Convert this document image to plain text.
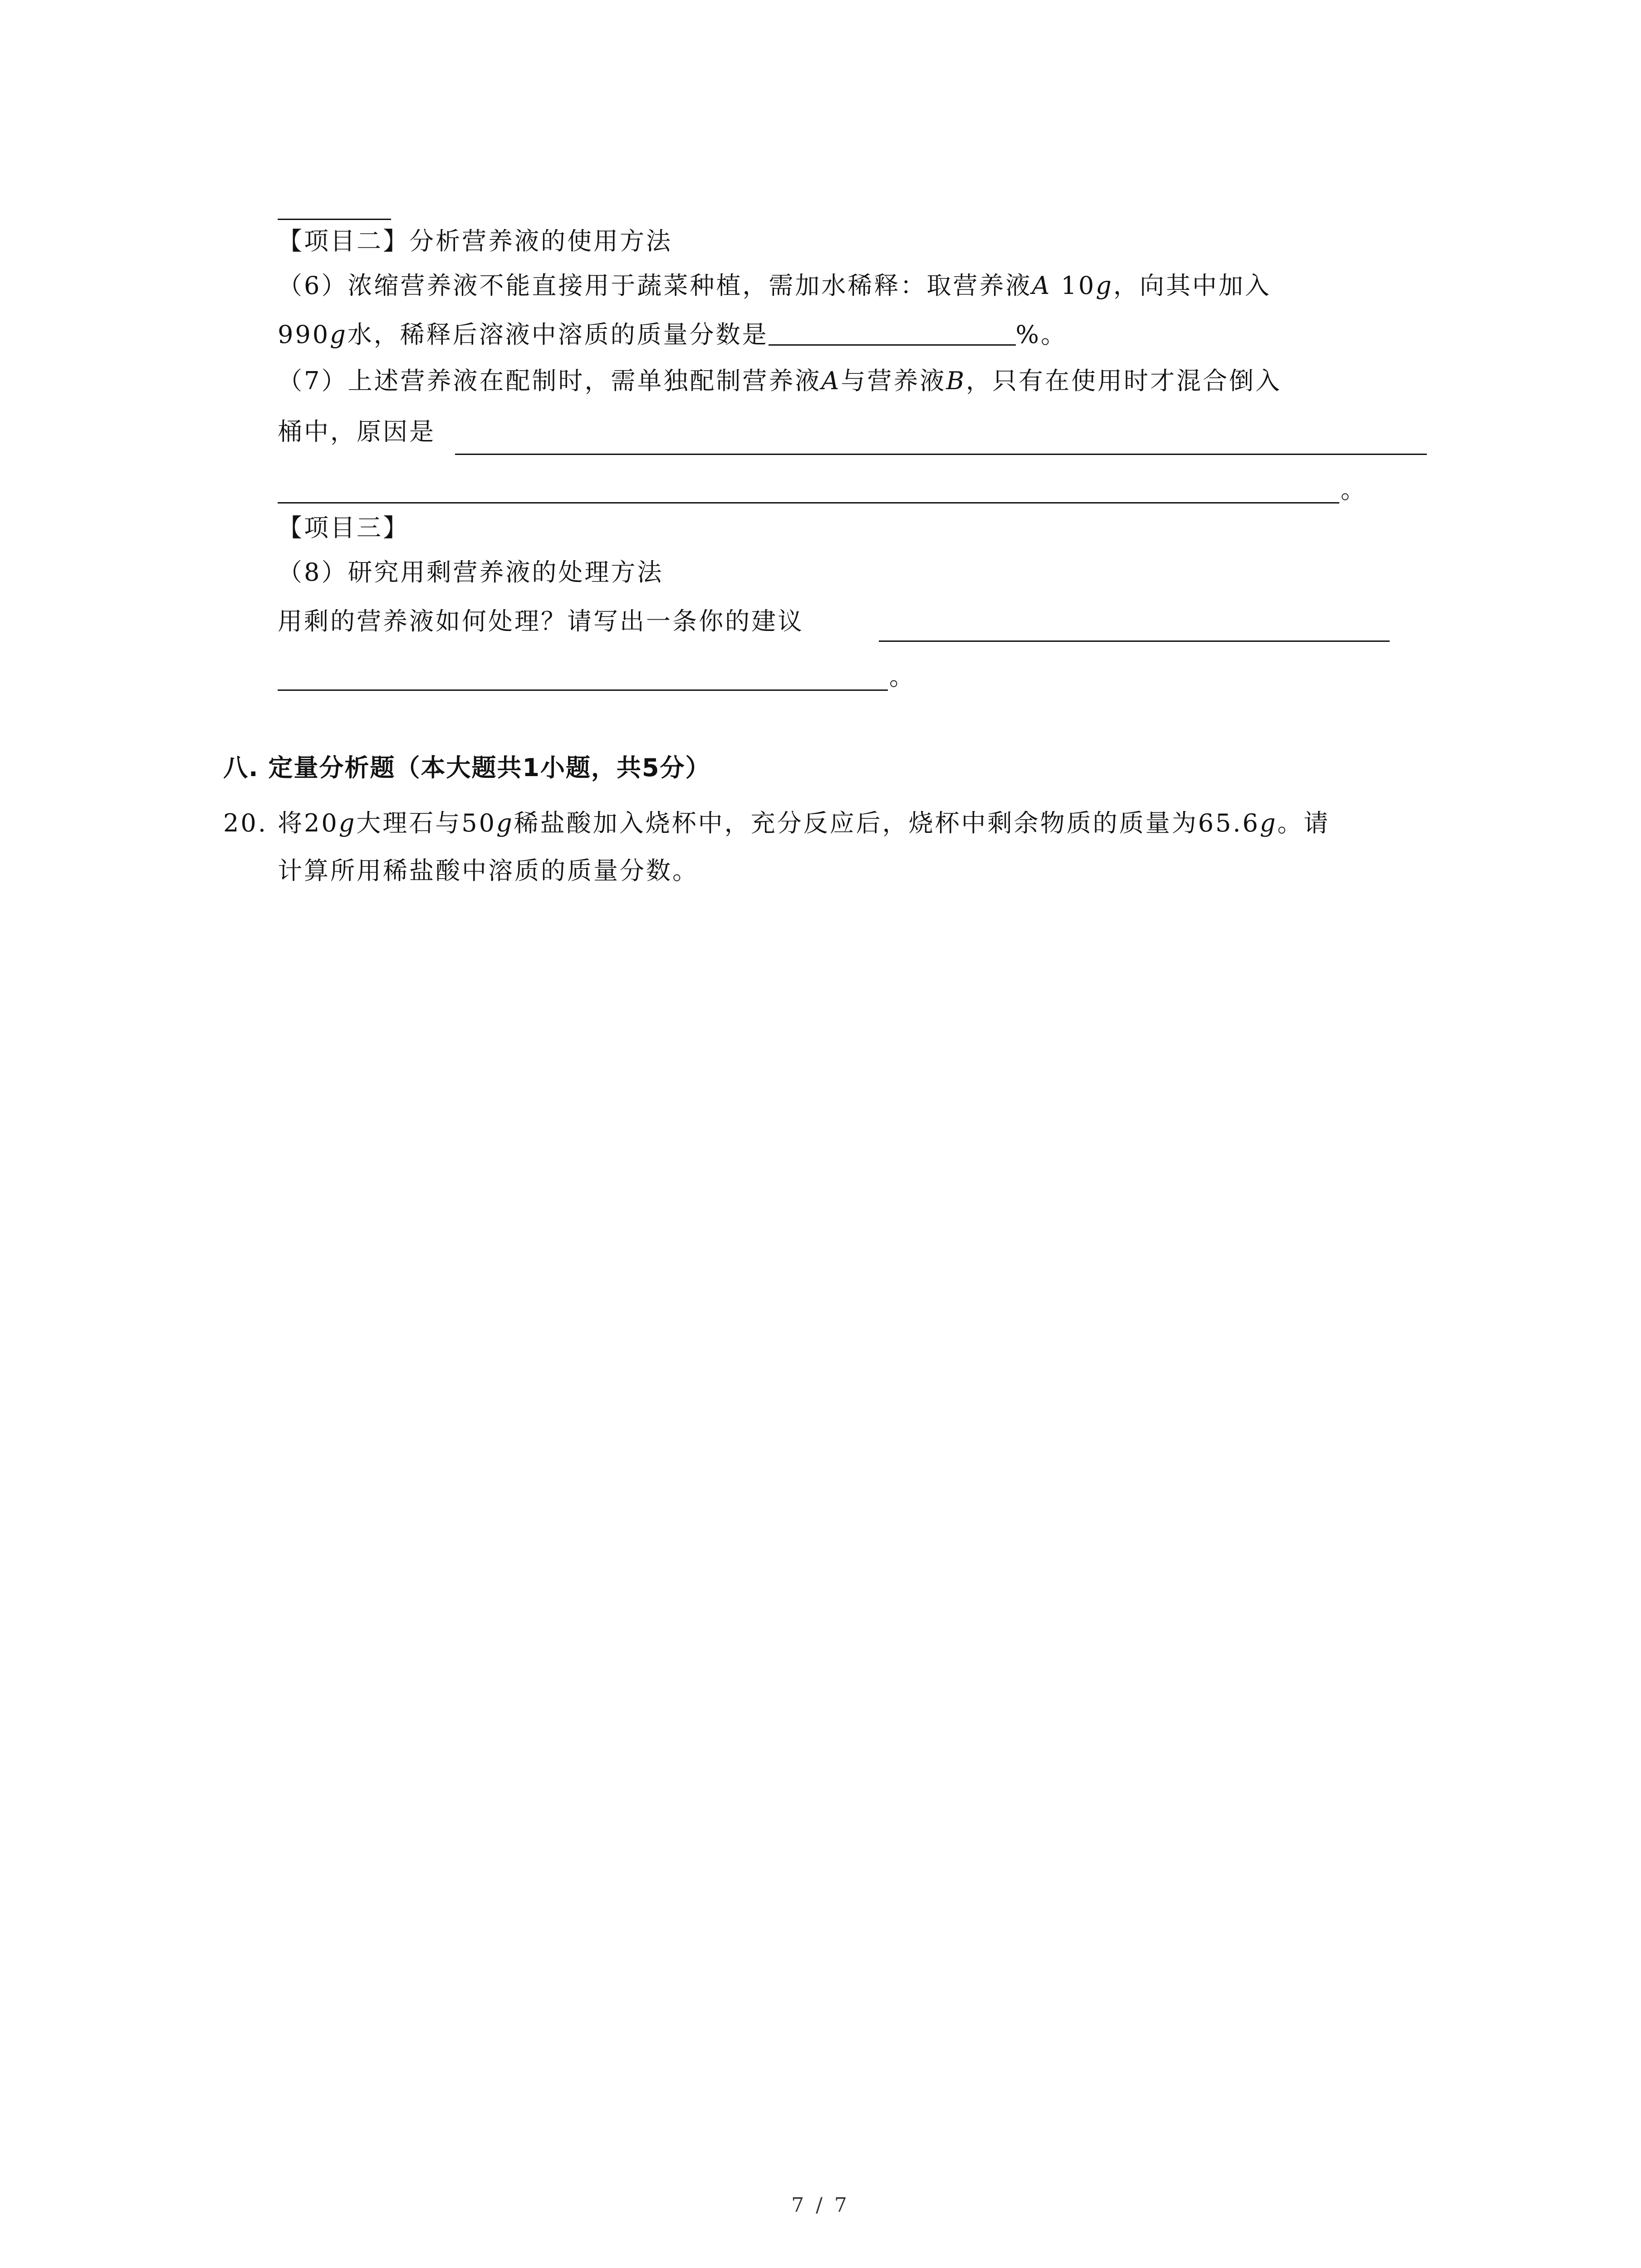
【项目二】分析营养液的使用方法
（6）浓缩营养液不能直接用于蔬菜种植，需加水稀释：取营养液A 10g，向其中加入
990g水，稀释后溶液中溶质的质量分数是	%。
（7）上述营养液在配制时，需单独配制营养液A与营养液B，只有在使用时才混合倒入
桶中，原因是
。
【项目三】
（8）研究用剩营养液的处理方法
用剩的营养液如何处理？请写出一条你的建议
。
八. 定量分析题（本大题共1小题，共5分）
20. 将20g大理石与50g稀盐酸加入烧杯中，充分反应后，烧杯中剩余物质的质量为65.6g。请
计算所用稀盐酸中溶质的质量分数。
7 / 7
